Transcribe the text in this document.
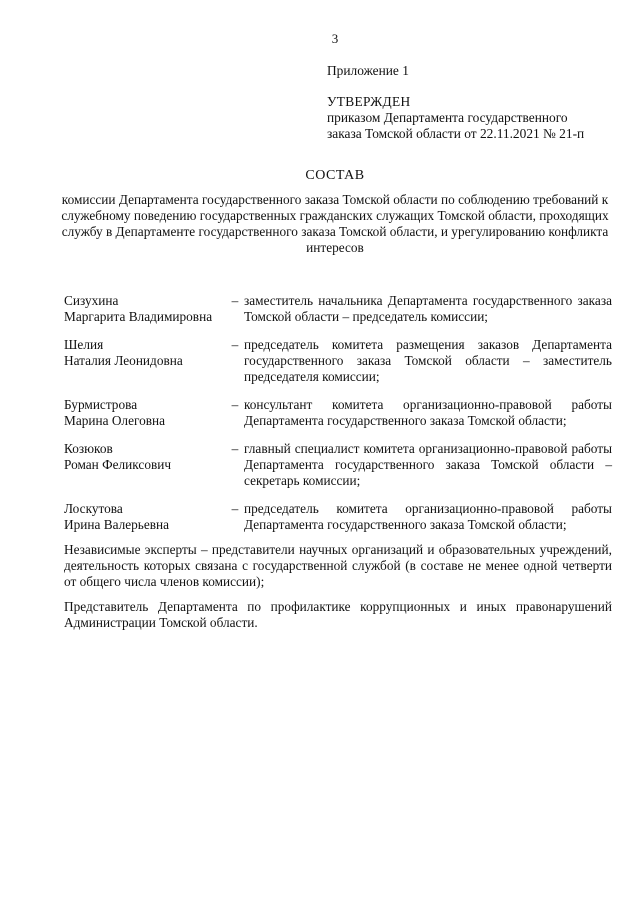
3
Приложение 1
УТВЕРЖДЕН
приказом Департамента государственного
заказа Томской области от 22.11.2021 № 21-п
СОСТАВ
комиссии Департамента государственного заказа Томской области по соблюдению требований к служебному поведению государственных гражданских служащих Томской области, проходящих службу в Департаменте государственного заказа Томской области, и урегулированию конфликта интересов
Сизухина
Маргарита Владимировна
– заместитель начальника Департамента государственного заказа Томской области – председатель комиссии;
Шелия
Наталия Леонидовна
– председатель комитета размещения заказов Департамента государственного заказа Томской области – заместитель председателя комиссии;
Бурмистрова
Марина Олеговна
– консультант комитета организационно-правовой работы Департамента государственного заказа Томской области;
Козюков
Роман Феликсович
– главный специалист комитета организационно-правовой работы Департамента государственного заказа Томской области – секретарь комиссии;
Лоскутова
Ирина Валерьевна
– председатель комитета организационно-правовой работы Департамента государственного заказа Томской области;
Независимые эксперты – представители научных организаций и образовательных учреждений, деятельность которых связана с государственной службой (в составе не менее одной четверти от общего числа членов комиссии);
Представитель Департамента по профилактике коррупционных и иных правонарушений Администрации Томской области.
